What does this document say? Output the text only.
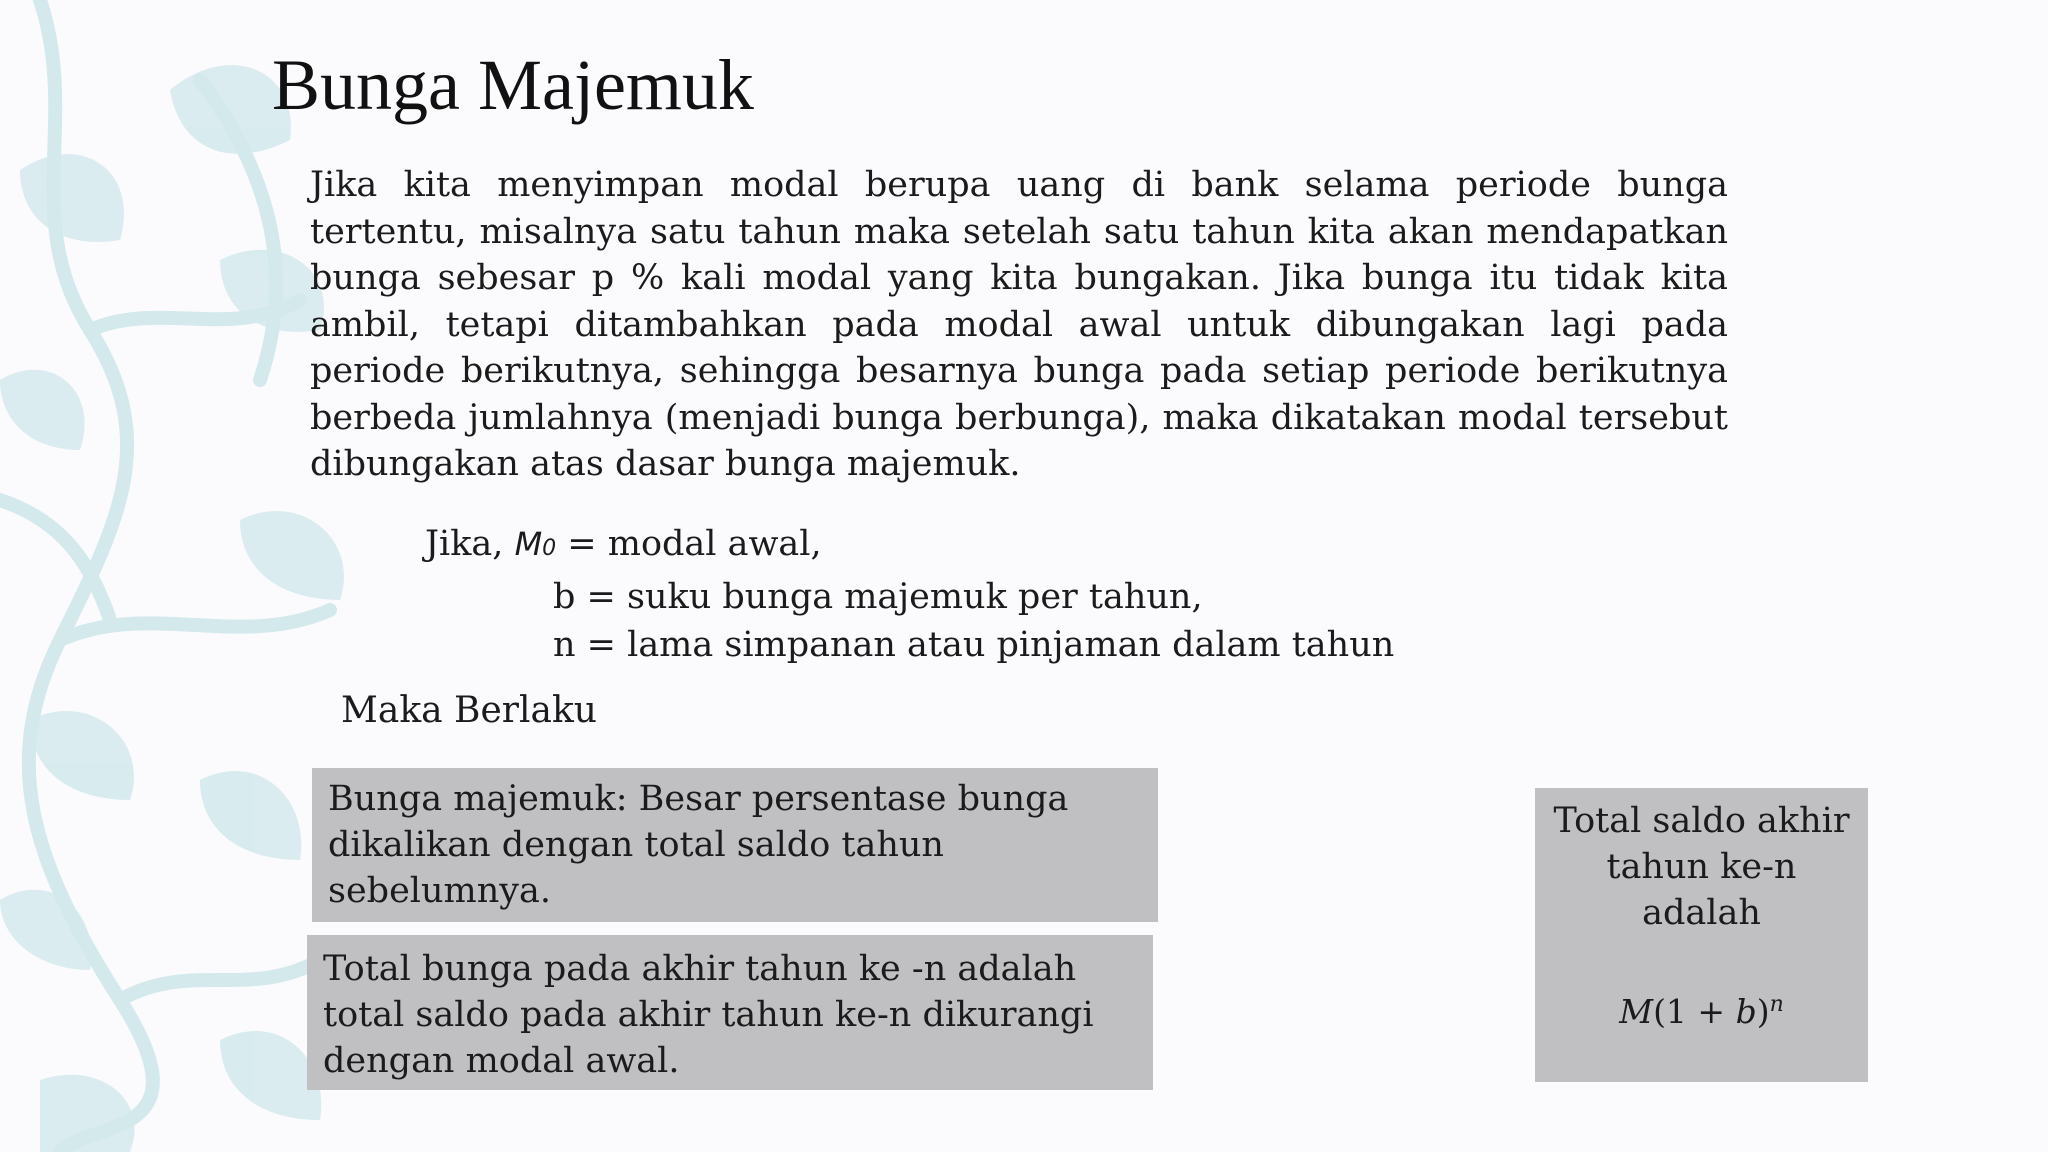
Bunga Majemuk
Jika kita menyimpan modal berupa uang di bank selama periode bunga tertentu, misalnya satu tahun maka setelah satu tahun kita akan mendapatkan bunga sebesar p % kali modal yang kita bungakan. Jika bunga itu tidak kita ambil, tetapi ditambahkan pada modal awal untuk dibungakan lagi pada periode berikutnya, sehingga besarnya bunga pada setiap periode berikutnya berbeda jumlahnya (menjadi bunga berbunga), maka dikatakan modal tersebut dibungakan atas dasar bunga majemuk.
Jika, M0 = modal awal,
b = suku bunga majemuk per tahun,
n = lama simpanan atau pinjaman dalam tahun
Maka Berlaku
Bunga majemuk: Besar persentase bunga dikalikan dengan total saldo tahun sebelumnya.
Total bunga pada akhir tahun ke -n adalah total saldo pada akhir tahun ke-n dikurangi dengan modal awal.
Total saldo akhir tahun ke-n adalah
$M(1 + b)^n$
